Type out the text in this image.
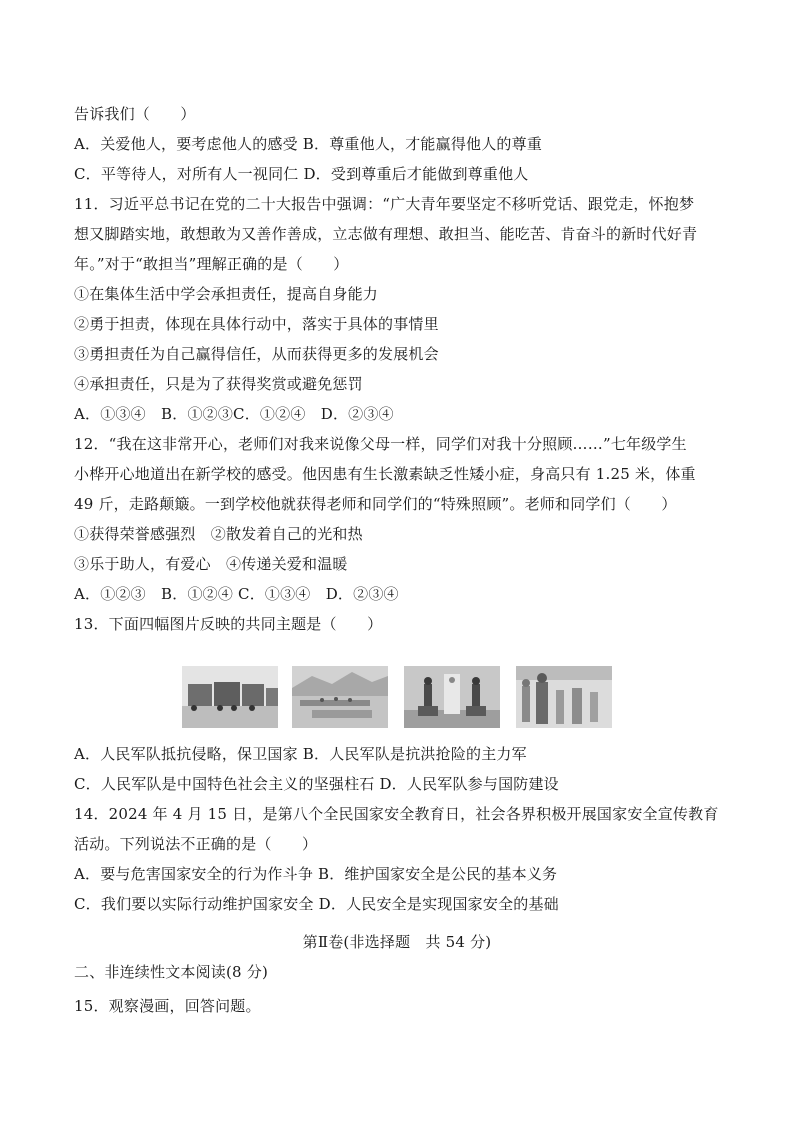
告诉我们（　　）
A．关爱他人，要考虑他人的感受 B．尊重他人，才能赢得他人的尊重
C．平等待人，对所有人一视同仁 D．受到尊重后才能做到尊重他人
11．习近平总书记在党的二十大报告中强调：“广大青年要坚定不移听党话、跟党走，怀抱梦
想又脚踏实地，敢想敢为又善作善成，立志做有理想、敢担当、能吃苦、肯奋斗的新时代好青
年。”对于“敢担当”理解正确的是（　　）
①在集体生活中学会承担责任，提高自身能力
②勇于担责，体现在具体行动中，落实于具体的事情里
③勇担责任为自己赢得信任，从而获得更多的发展机会
④承担责任，只是为了获得奖赏或避免惩罚
A．①③④　B．①②③C．①②④　D．②③④
12．“我在这非常开心，老师们对我来说像父母一样，同学们对我十分照顾……”七年级学生
小桦开心地道出在新学校的感受。他因患有生长激素缺乏性矮小症，身高只有 1.25 米，体重
49 斤，走路颠簸。一到学校他就获得老师和同学们的“特殊照顾”。老师和同学们（　　）
①获得荣誉感强烈　②散发着自己的光和热
③乐于助人，有爱心　④传递关爱和温暖
A．①②③　B．①②④ C．①③④　D．②③④
13．下面四幅图片反映的共同主题是（　　）
A．人民军队抵抗侵略，保卫国家 B．人民军队是抗洪抢险的主力军
C．人民军队是中国特色社会主义的坚强柱石 D．人民军队参与国防建设
14．2024 年 4 月 15 日，是第八个全民国家安全教育日，社会各界积极开展国家安全宣传教育
活动。下列说法不正确的是（　　）
A．要与危害国家安全的行为作斗争 B．维护国家安全是公民的基本义务
C．我们要以实际行动维护国家安全 D．人民安全是实现国家安全的基础
第Ⅱ卷(非选择题　共 54 分)
二、非连续性文本阅读(8 分)
15．观察漫画，回答问题。
